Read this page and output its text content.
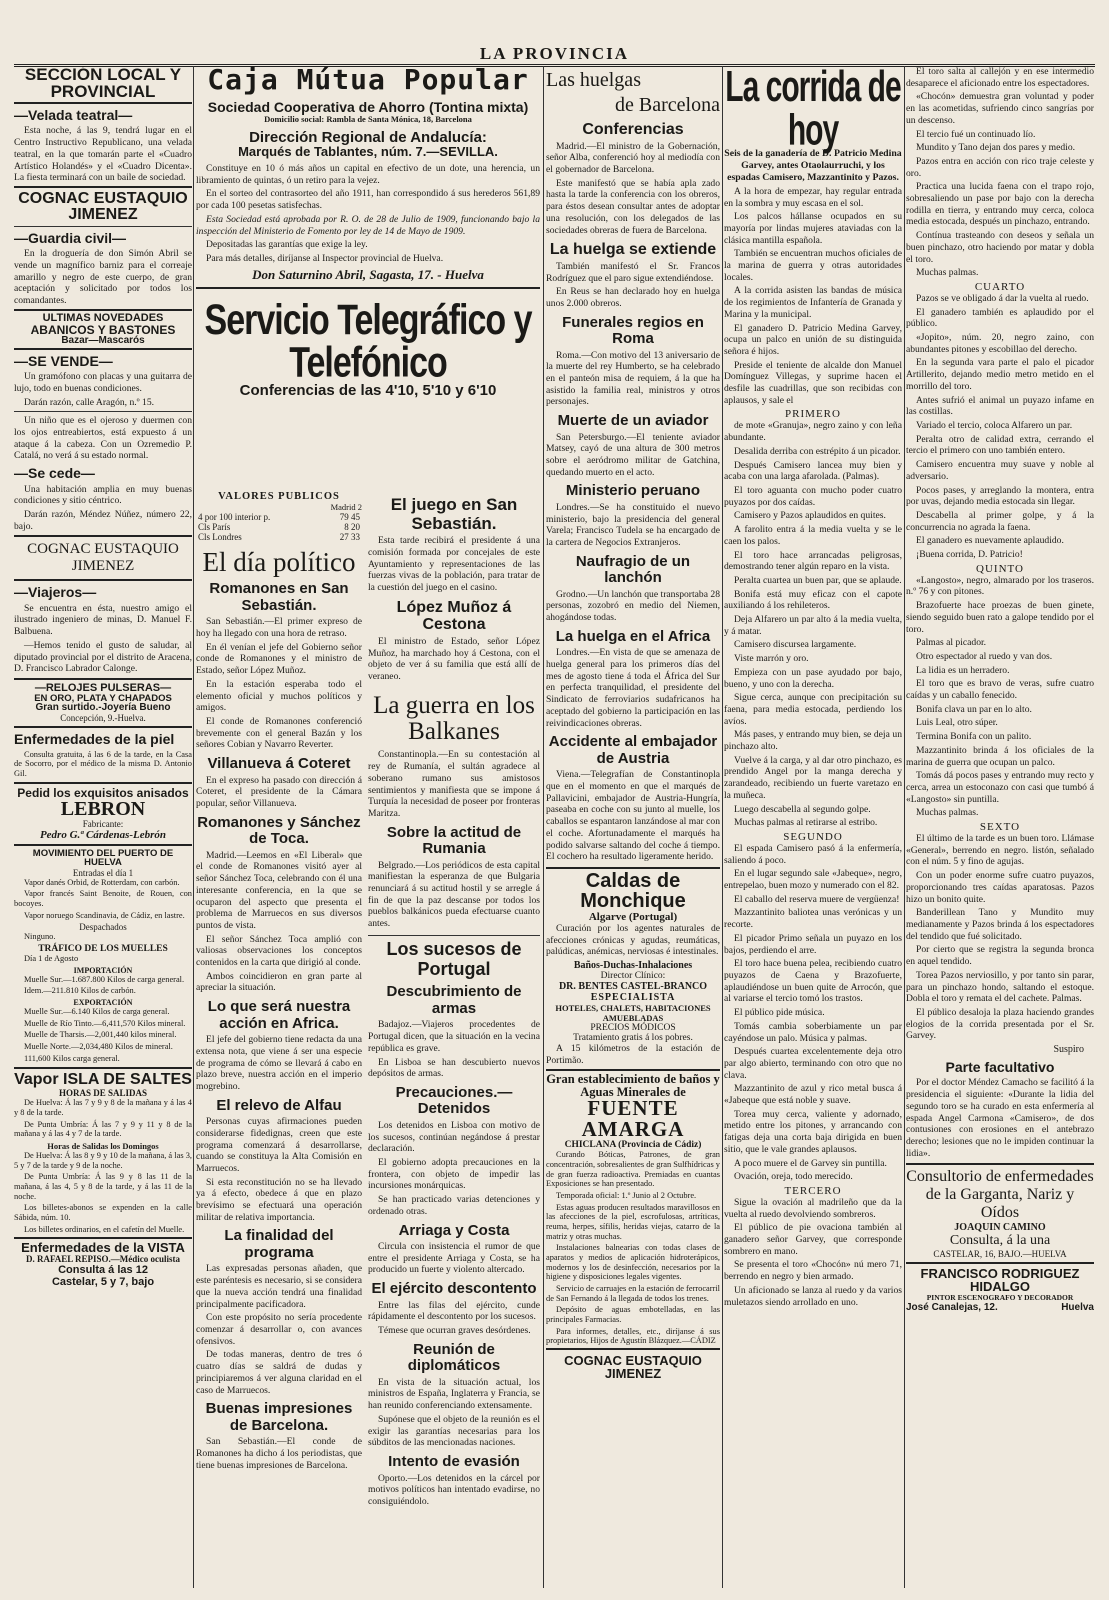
LA PROVINCIA
SECCIÓN LOCAL Y PROVINCIAL
—Velada teatral—

Esta noche, á las 9, tendrá lugar en el Centro Instructivo Republicano, una velada teatral, en la que tomarán parte el «Cuadro Artístico Holandés» y el «Cuadro Dicenta». La fiesta terminará con un baile de sociedad.

COGNAC EUSTAQUIO JIMENEZ
—Guardia civil—

En la droguería de don Simón Abril se vende un magnífico barniz para el correaje amarillo y negro de este cuerpo, de gran aceptación y solicitado por todos los comandantes.

ULTIMAS NOVEDADES
ABANICOS Y BASTONES
Bazar—Mascarós
—SE VENDE—

Un gramófono con placas y una guitarra de lujo, todo en buenas condiciones.

Darán razón, calle Aragón, n.º 15.

Un niño que es el ojeroso y duermen con los ojos entreabiertos, está expuesto á un ataque á la cabeza. Con un Ozremedio P. Catalá, no verá á su estado normal.

—Se cede—

Una habitación amplia en muy buenas condiciones y sitio céntrico.

Darán razón, Méndez Núñez, número 22, bajo.

COGNAC EUSTAQUIO JIMENEZ
—Viajeros—

Se encuentra en ésta, nuestro amigo el ilustrado ingeniero de minas, D. Manuel F. Balbuena.

—Hemos tenido el gusto de saludar, al diputado provincial por el distrito de Aracena, D. Francisco Labrador Calonge.

—RELOJES PULSERAS—
EN ORO, PLATA Y CHAPADOS
Gran surtido.-Joyería Bueno
Concepción, 9.-Huelva.
Enfermedades de la piel

Consulta gratuita, á las 6 de la tarde, en la Casa de Socorro, por el médico de la misma D. Antonio Gil.

Pedid los exquisitos anisados
LEBRON
Fabricante:
Pedro G.ª Cárdenas-Lebrón
MOVIMIENTO DEL PUERTO DE HUELVA
Entradas el día 1

Vapor danés Orbid, de Rotterdam, con carbón.

Vapor francés Saint Benoite, de Rouen, con bocoyes.

Vapor noruego Scandinavia, de Cádiz, en lastre.

Despachados

Ninguno.

TRÁFICO DE LOS MUELLES

Día 1 de Agosto

IMPORTACIÓN

Muelle Sur.—1.687.800 Kilos de carga general.

Idem.—211.810 Kilos de carbón.

EXPORTACIÓN

Muelle Sur.—6.140 Kilos de carga general.

Muelle de Río Tinto.—6,411,570 Kilos mineral.

Muelle de Tharsis.—2,001,440 kilos mineral.

Muelle Norte.—2,034,480 Kilos de mineral.

111,600 Kilos carga general.

Vapor ISLA DE SALTES
HORAS DE SALIDAS

De Huelva: Á las 7 y 9 y 8 de la mañana y á las 4 y 8 de la tarde.

De Punta Umbría: Á las 7 y 9 y 11 y 8 de la mañana y á las 4 y 7 de la tarde.

Horas de Salidas los Domingos

De Huelva: Á las 8 y 9 y 10 de la mañana, á las 3, 5 y 7 de la tarde y 9 de la noche.

De Punta Umbría: Á las 9 y 8 las 11 de la mañana, á las 4, 5 y 8 de la tarde, y á las 11 de la noche.

Los billetes-abonos se expenden en la calle Sábida, núm. 10.

Los billetes ordinarios, en el cafetín del Muelle.

Enfermedades de la VISTA
D. RAFAEL REPISO.—Médico oculista
Consulta á las 12
Castelar, 5 y 7, bajo
Caja Mútua Popular
Sociedad Cooperativa de Ahorro (Tontina mixta)
Domicilio social: Rambla de Santa Mónica, 18, Barcelona
Dirección Regional de Andalucía:
Marqués de Tablantes, núm. 7.—SEVILLA.

Constituye en 10 ó más años un capital en efectivo de un dote, una herencia, un libramiento de quintas, ó un retiro para la vejez.

En el sorteo del contrasorteo del año 1911, han correspondido á sus herederos 561,89 por cada 100 pesetas satisfechas.

Esta Sociedad está aprobada por R. O. de 28 de Julio de 1909, funcionando bajo la inspección del Ministerio de Fomento por ley de 14 de Mayo de 1909.

Depositadas las garantías que exige la ley.

Para más detalles, diríjanse al Inspector provincial de Huelva.

Don Saturnino Abril, Sagasta, 17. - Huelva
Servicio Telegráfico y Telefónico
Conferencias de las 4'10, 5'10 y 6'10
VALORES PUBLICOS
Madrid 2
4 por 100 interior p.	79 45
Cls París	8 20
Cls Londres	27 33
El día político
Romanones en San Sebastián.

San Sebastián.—El primer expreso de hoy ha llegado con una hora de retraso.

En él venían el jefe del Gobierno señor conde de Romanones y el ministro de Estado, señor López Muñoz.

En la estación esperaba todo el elemento oficial y muchos políticos y amigos.

El conde de Romanones conferenció brevemente con el general Bazán y los señores Cobian y Navarro Reverter.

Villanueva á Coteret

En el expreso ha pasado con dirección á Coteret, el presidente de la Cámara popular, señor Villanueva.

Romanones y Sánchez de Toca.

Madrid.—Leemos en «El Liberal» que el conde de Romanones visitó ayer al señor Sánchez Toca, celebrando con él una interesante conferencia, en la que se ocuparon del aspecto que presenta el problema de Marruecos en sus diversos puntos de vista.

El señor Sánchez Toca amplió con valiosas observaciones los conceptos contenidos en la carta que dirigió al conde.

Ambos coincidieron en gran parte al apreciar la situación.

Lo que será nuestra acción en Africa.

El jefe del gobierno tiene redacta da una extensa nota, que viene á ser una especie de programa de cómo se llevará á cabo en plazo breve, nuestra acción en el imperio mogrebino.

El relevo de Alfau

Personas cuyas afirmaciones pueden considerarse fidedignas, creen que este programa comenzará á desarrollarse, cuando se constituya la Alta Comisión en Marruecos.

Si esta reconstitución no se ha llevado ya á efecto, obedece á que en plazo brevísimo se efectuará una operación militar de relativa importancia.

La finalidad del programa

Las expresadas personas añaden, que este paréntesis es necesario, si se considera que la nueva acción tendrá una finalidad principalmente pacificadora.

Con este propósito no sería procedente comenzar á desarrollar o, con avances ofensivos.

De todas maneras, dentro de tres ó cuatro días se saldrá de dudas y principiaremos á ver alguna claridad en el caso de Marruecos.

Buenas impresiones de Barcelona.

San Sebastián.—El conde de Romanones ha dicho á los periodistas, que tiene buenas impresiones de Barcelona.

El juego en San Sebastián.

Esta tarde recibirá el presidente á una comisión formada por concejales de este Ayuntamiento y representaciones de las fuerzas vivas de la población, para tratar de la cuestión del juego en el casino.

López Muñoz á Cestona

El ministro de Estado, señor López Muñoz, ha marchado hoy á Cestona, con el objeto de ver á su familia que está allí de veraneo.

La guerra en los Balkanes

Constantinopla.—En su contestación al rey de Rumanía, el sultán agradece al soberano rumano sus amistosos sentimientos y manifiesta que se impone á Turquía la necesidad de poseer por fronteras Maritza.

Sobre la actitud de Rumania

Belgrado.—Los periódicos de esta capital manifiestan la esperanza de que Bulgaria renunciará á su actitud hostil y se arregle á fin de que la paz descanse por todos los pueblos balkánicos pueda efectuarse cuanto antes.

Los sucesos de Portugal
Descubrimiento de armas

Badajoz.—Viajeros procedentes de Portugal dicen, que la situación en la vecina república es grave.

En Lisboa se han descubierto nuevos depósitos de armas.

Precauciones.—Detenidos

Los detenidos en Lisboa con motivo de los sucesos, continúan negándose á prestar declaración.

El gobierno adopta precauciones en la frontera, con objeto de impedir las incursiones monárquicas.

Se han practicado varias detenciones y ordenado otras.

Arriaga y Costa

Circula con insistencia el rumor de que entre el presidente Arriaga y Costa, se ha producido un fuerte y violento altercado.

El ejército descontento

Entre las filas del ejército, cunde rápidamente el descontento por los sucesos.

Témese que ocurran graves desórdenes.

Reunión de diplomáticos

En vista de la situación actual, los ministros de España, Inglaterra y Francia, se han reunido conferenciando extensamente.

Supónese que el objeto de la reunión es el exigir las garantías necesarias para los súbditos de las mencionadas naciones.

Intento de evasión

Oporto.—Los detenidos en la cárcel por motivos políticos han intentado evadirse, no consiguiéndolo.

Las huelgas
de Barcelona
Conferencias

Madrid.—El ministro de la Gobernación, señor Alba, conferenció hoy al mediodía con el gobernador de Barcelona.

Este manifestó que se había apla zado hasta la tarde la conferencia con los obreros, para éstos desean consultar antes de adoptar una resolución, con los delegados de las sociedades obreras de fuera de Barcelona.

La huelga se extiende

También manifestó el Sr. Francos Rodríguez que el paro sigue extendiéndose.

En Reus se han declarado hoy en huelga unos 2.000 obreros.

Funerales regios en Roma

Roma.—Con motivo del 13 aniversario de la muerte del rey Humberto, se ha celebrado en el panteón misa de requiem, á la que ha asistido la familia real, ministros y otros personajes.

Muerte de un aviador

San Petersburgo.—El teniente aviador Matsey, cayó de una altura de 300 metros sobre el aeródromo militar de Gatchina, quedando muerto en el acto.

Ministerio peruano

Londres.—Se ha constituido el nuevo ministerio, bajo la presidencia del general Varela; Francisco Tudela se ha encargado de la cartera de Negocios Extranjeros.

Naufragio de un lanchón

Grodno.—Un lanchón que transportaba 28 personas, zozobró en medio del Niemen, ahogándose todas.

La huelga en el Africa

Londres.—En vista de que se amenaza de huelga general para los primeros días del mes de agosto tiene á toda el África del Sur en perfecta tranquilidad, el presidente del Sindicato de ferroviarios sudafricanos ha aceptado del gobierno la participación en las reivindicaciones obreras.

Accidente al embajador de Austria

Viena.—Telegrafían de Constantinopla que en el momento en que el marqués de Pallavicini, embajador de Austria-Hungría, paseaba en coche con su junto al muelle, los caballos se espantaron lanzándose al mar con el coche. Afortunadamente el marqués ha podido salvarse saltando del coche á tiempo. El cochero ha resultado ligeramente herido.

Caldas de Monchique
Algarve (Portugal)

Curación por los agentes naturales de afecciones crónicas y agudas, reumáticas, palúdicas, anémicas, nerviosas é intestinales.

Baños-Duchas-Inhalaciones
Director Clínico:
DR. BENTES CASTEL-BRANCO
ESPECIALISTA
HOTELES, CHALETS, HABITACIONES AMUEBLADAS
PRECIOS MÓDICOS
Tratamiento gratis á los pobres.

A 15 kilómetros de la estación de Portimão.

Gran establecimiento de baños y Aguas Minerales de
FUENTE AMARGA
CHICLANA (Provincia de Cádiz)

Curando Bóticas, Patrones, de gran concentración, sobresalientes de gran Sulfhídricas y de gran fuerza radioactiva. Premiadas en cuantas Exposiciones se han presentado.

Temporada oficial: 1.º Junio al 2 Octubre.

Estas aguas producen resultados maravillosos en las afecciones de la piel, escrofulosas, artríticas, reuma, herpes, sífilis, heridas viejas, catarro de la matriz y otras muchas.

Instalaciones balnearias con todas clases de aparatos y medios de aplicación hidroterápicos, modernos y los de desinfección, necesarios por la higiene y disposiciones legales vigentes.

Servicio de carruajes en la estación de ferrocarril de San Fernando á la llegada de todos los trenes.

Depósito de aguas embotelladas, en las principales Farmacias.

Para informes, detalles, etc., diríjanse á sus propietarios, Hijos de Agustín Blázquez.—CÁDIZ

COGNAC EUSTAQUIO JIMENEZ
La corrida de hoy

Seis de la ganadería de D. Patricio Medina Garvey, antes Otaolaurruchi, y los espadas Camisero, Mazzantinito y Pazos.

A la hora de empezar, hay regular entrada en la sombra y muy escasa en el sol.

Los palcos hállanse ocupados en su mayoría por lindas mujeres ataviadas con la clásica mantilla española.

También se encuentran muchos oficiales de la marina de guerra y otras autoridades locales.

A la corrida asisten las bandas de música de los regimientos de Infantería de Granada y Marina y la municipal.

El ganadero D. Patricio Medina Garvey, ocupa un palco en unión de su distinguida señora é hijos.

Preside el teniente de alcalde don Manuel Domínguez Villegas, y suprime hacen el desfile las cuadrillas, que son recibidas con aplausos, y sale el

PRIMERO

de mote «Granuja», negro zaino y con leña abundante.

Desalida derriba con estrépito á un picador.

Después Camisero lancea muy bien y acaba con una larga afarolada. (Palmas).

El toro aguanta con mucho poder cuatro puyazos por dos caídas.

Camisero y Pazos aplaudidos en quites.

A farolito entra á la media vuelta y se le caen los palos.

El toro hace arrancadas peligrosas, demostrando tener algún reparo en la vista.

Peralta cuartea un buen par, que se aplaude.

Bonifa está muy eficaz con el capote auxiliando á los rehileteros.

Deja Alfarero un par alto á la media vuelta, y á matar.

Camisero discursea largamente.

Viste marrón y oro.

Empieza con un pase ayudado por bajo, bueno, y uno con la derecha.

Sigue cerca, aunque con precipitación su faena, para media estocada, perdiendo los avíos.

Más pases, y entrando muy bien, se deja un pinchazo alto.

Vuelve á la carga, y al dar otro pinchazo, es prendido Angel por la manga derecha y zarandeado, recibiendo un fuerte varetazo en la muñeca.

Luego descabella al segundo golpe.

Muchas palmas al retirarse al estribo.

SEGUNDO

El espada Camisero pasó á la enfermería, saliendo á poco.

En el lugar segundo sale «Jabeque», negro, entrepelao, buen mozo y numerado con el 82.

El caballo del reserva muere de vergüenza!

Mazzantinito baliotea unas verónicas y un recorte.

El picador Primo señala un puyazo en los bajos, perdiendo el arre.

El toro hace buena pelea, recibiendo cuatro puyazos de Caena y Brazofuerte, aplaudiéndose un buen quite de Arrocón, que al variarse el tercio tomó los trastos.

El público pide música.

Tomás cambia soberbiamente un par cayéndose un palo. Música y palmas.

Después cuartea excelentemente deja otro par algo abierto, terminando con otro que no clava.

Mazzantinito de azul y rico metal busca á «Jabeque que está noble y suave.

Torea muy cerca, valiente y adornado, metido entre los pitones, y arrancando con fatigas deja una corta baja dirigida en buen sitio, que le vale grandes aplausos.

A poco muere el de Garvey sin puntilla.

Ovación, oreja, todo merecido.

TERCERO

Sigue la ovación al madrileño que da la vuelta al ruedo devolviendo sombreros.

El público de pie ovaciona también al ganadero señor Garvey, que corresponde sombrero en mano.

Se presenta el toro «Chocón» nú mero 71, berrendo en negro y bien armado.

Un aficionado se lanza al ruedo y da varios muletazos siendo arrollado en uno.

El toro salta al callejón y en ese intermedio desaparece el aficionado entre los espectadores.

«Chocón» demuestra gran voluntad y poder en las acometidas, sufriendo cinco sangrías por un descenso.

El tercio fué un continuado lío.

Mundito y Tano dejan dos pares y medio.

Pazos entra en acción con rico traje celeste y oro.

Practica una lucida faena con el trapo rojo, sobresaliendo un pase por bajo con la derecha rodilla en tierra, y entrando muy cerca, coloca media estocada, después un pinchazo, entrando.

Contínua trasteando con deseos y señala un buen pinchazo, otro haciendo por matar y dobla el toro.

Muchas palmas.

CUARTO

Pazos se ve obligado á dar la vuelta al ruedo.

El ganadero también es aplaudido por el público.

«Jopito», núm. 20, negro zaino, con abundantes pitones y escobillao del derecho.

En la segunda vara parte el palo el picador Artillerito, dejando medio metro metido en el morrillo del toro.

Antes sufrió el animal un puyazo infame en las costillas.

Variado el tercio, coloca Alfarero un par.

Peralta otro de calidad extra, cerrando el tercio el primero con uno también entero.

Camisero encuentra muy suave y noble al adversario.

Pocos pases, y arreglando la montera, entra por uvas, dejando media estocada sin llegar.

Descabella al primer golpe, y á la concurrencia no agrada la faena.

El ganadero es nuevamente aplaudido.

¡Buena corrida, D. Patricio!

QUINTO

«Langosto», negro, almarado por los traseros. n.º 76 y con pitones.

Brazofuerte hace proezas de buen ginete, siendo seguido buen rato a galope tendido por el toro.

Palmas al picador.

Otro espectador al ruedo y van dos.

La lidia es un herradero.

El toro que es bravo de veras, sufre cuatro caídas y un caballo fenecido.

Bonifa clava un par en lo alto.

Luis Leal, otro súper.

Termina Bonifa con un palito.

Mazzantinito brinda á los oficiales de la marina de guerra que ocupan un palco.

Tomás dá pocos pases y entrando muy recto y cerca, arrea un estoconazo con casi que tumbó á «Langosto» sin puntilla.

Muchas palmas.

SEXTO

El último de la tarde es un buen toro. Llámase «General», berrendo en negro. listón, señalado con el núm. 5 y fino de agujas.

Con un poder enorme sufre cuatro puyazos, proporcionando tres caídas aparatosas. Pazos hizo un bonito quite.

Banderillean Tano y Mundito muy medianamente y Pazos brinda á los espectadores del tendido que fué solicitado.

Por cierto que se registra la segunda bronca en aquel tendido.

Torea Pazos nerviosillo, y por tanto sin parar, para un pinchazo hondo, saltando el estoque. Dobla el toro y remata el del cachete. Palmas.

El público desaloja la plaza haciendo grandes elogios de la corrida presentada por el Sr. Garvey.

Suspiro
Parte facultativo

Por el doctor Méndez Camacho se facilitó á la presidencia el siguiente: «Durante la lidia del segundo toro se ha curado en esta enfermería al espada Angel Carmona «Camisero», de dos contusiones con erosiones en el antebrazo derecho; lesiones que no le impiden continuar la lidia».

Consultorio de enfermedades
de la Garganta, Nariz y Oídos
JOAQUIN CAMINO
Consulta, á la una
CASTELAR, 16, BAJO.—HUELVA
FRANCISCO RODRIGUEZ HIDALGO
PINTOR ESCENOGRAFO Y DECORADOR
José Canalejas, 12.	Huelva
